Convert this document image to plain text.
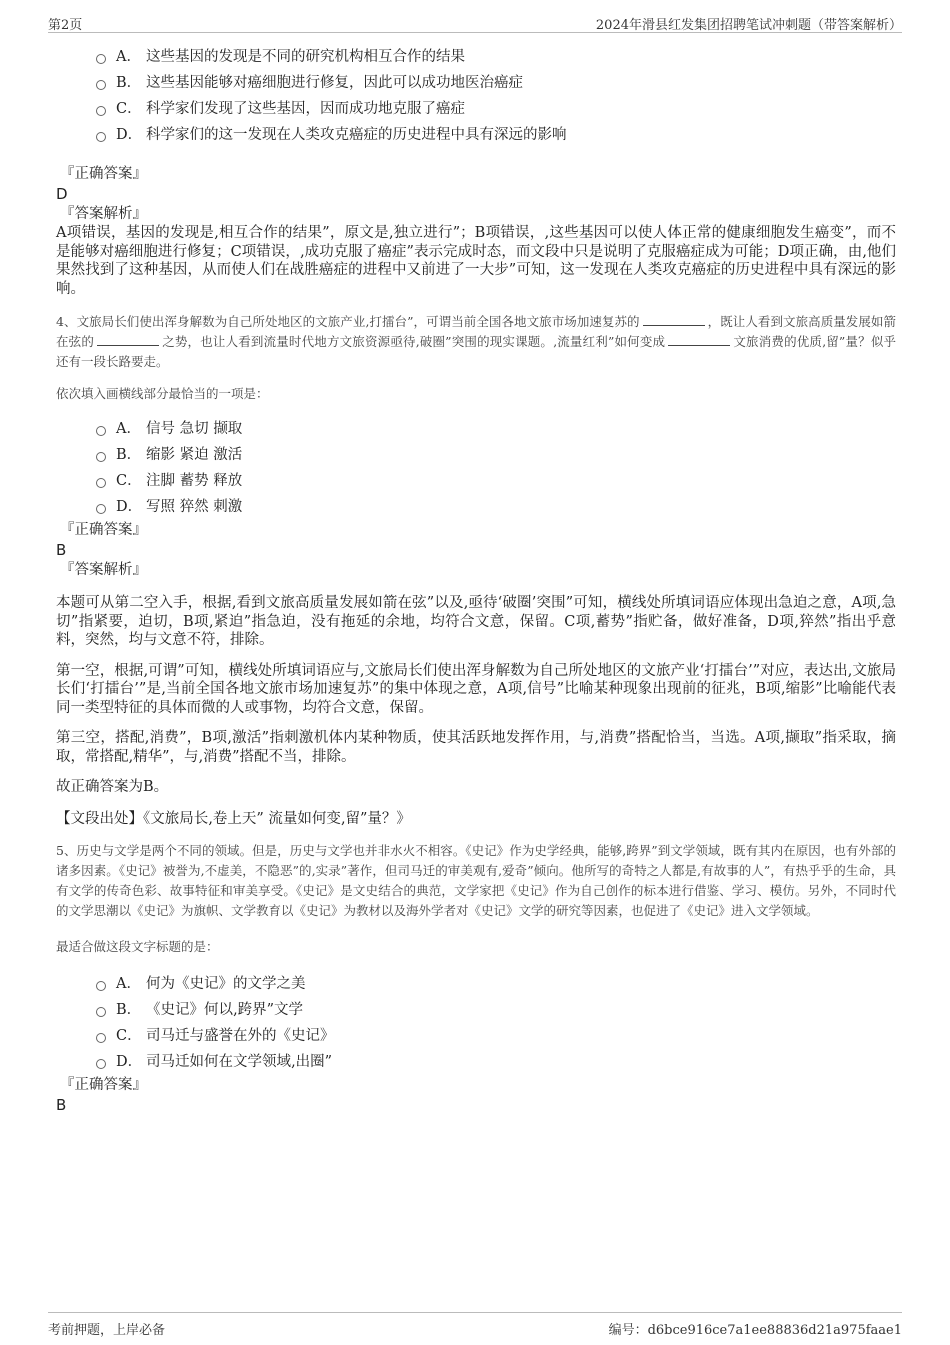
第2页	2024年滑县红发集团招聘笔试冲刺题（带答案解析）
A． 这些基因的发现是不同的研究机构相互合作的结果
B． 这些基因能够对癌细胞进行修复，因此可以成功地医治癌症
C． 科学家们发现了这些基因，因而成功地克服了癌症
D． 科学家们的这一发现在人类攻克癌症的历史进程中具有深远的影响
『正确答案』
D
『答案解析』
A项错误，基因的发现是‚相互合作的结果”，原文是‚独立进行”；B项错误，‚这些基因可以使人体正常的健康细胞发生癌变”，而不是能够对癌细胞进行修复；C项错误，‚成功克服了癌症”表示完成时态，而文段中只是说明了克服癌症成为可能；D项正确，由‚他们果然找到了这种基因，从而使人们在战胜癌症的进程中又前进了一大步”可知，这一发现在人类攻克癌症的历史进程中具有深远的影响。
4、文旅局长们使出浑身解数为自己所处地区的文旅产业‚打擂台”，可谓当前全国各地文旅市场加速复苏的	，既让人看到文旅高质量发展如箭在弦的	之势，也让人看到流量时代地方文旅资源亟待‚破圈”突围的现实课题。‚流量红利”如何变成	文旅消费的优质‚留”量？似乎还有一段长路要走。
依次填入画横线部分最恰当的一项是：
A． 信号 急切 撷取
B． 缩影 紧迫 激活
C． 注脚 蓄势 释放
D． 写照 猝然 刺激
『正确答案』
B
『答案解析』

本题可从第二空入手，根据‚看到文旅高质量发展如箭在弦”以及‚亟待‘破圈’突围”可知，横线处所填词语应体现出急迫之意，A项‚急切”指紧要，迫切，B项‚紧迫”指急迫，没有拖延的余地，均符合文意，保留。C项‚蓄势”指贮备，做好准备，D项‚猝然”指出乎意料，突然，均与文意不符，排除。

第一空，根据‚可谓”可知，横线处所填词语应与‚文旅局长们使出浑身解数为自己所处地区的文旅产业‘打擂台’”对应，表达出‚文旅局长们‘打擂台’”是‚当前全国各地文旅市场加速复苏”的集中体现之意，A项‚信号”比喻某种现象出现前的征兆，B项‚缩影”比喻能代表同一类型特征的具体而微的人或事物，均符合文意，保留。

第三空，搭配‚消费”，B项‚激活”指刺激机体内某种物质，使其活跃地发挥作用，与‚消费”搭配恰当，当选。A项‚撷取”指采取，摘取，常搭配‚精华”，与‚消费”搭配不当，排除。

故正确答案为B。

【文段出处】《文旅局长‚卷上天” 流量如何变‚留”量？》
5、历史与文学是两个不同的领域。但是，历史与文学也并非水火不相容。《史记》作为史学经典，能够‚跨界”到文学领域，既有其内在原因，也有外部的诸多因素。《史记》被誉为‚不虚美，不隐恶”的‚实录”著作，但司马迁的审美观有‚爱奇”倾向。他所写的奇特之人都是‚有故事的人”，有热乎乎的生命，具有文学的传奇色彩、故事特征和审美享受。《史记》是文史结合的典范，文学家把《史记》作为自己创作的标本进行借鉴、学习、模仿。另外，不同时代的文学思潮以《史记》为旗帜、文学教育以《史记》为教材以及海外学者对《史记》文学的研究等因素，也促进了《史记》进入文学领域。
最适合做这段文字标题的是：
A． 何为《史记》的文学之美
B． 《史记》何以‚跨界”文学
C． 司马迁与盛誉在外的《史记》
D． 司马迁如何在文学领域‚出圈”
『正确答案』
B
考前押题，上岸必备	编号：d6bce916ce7a1ee88836d21a975faae1
